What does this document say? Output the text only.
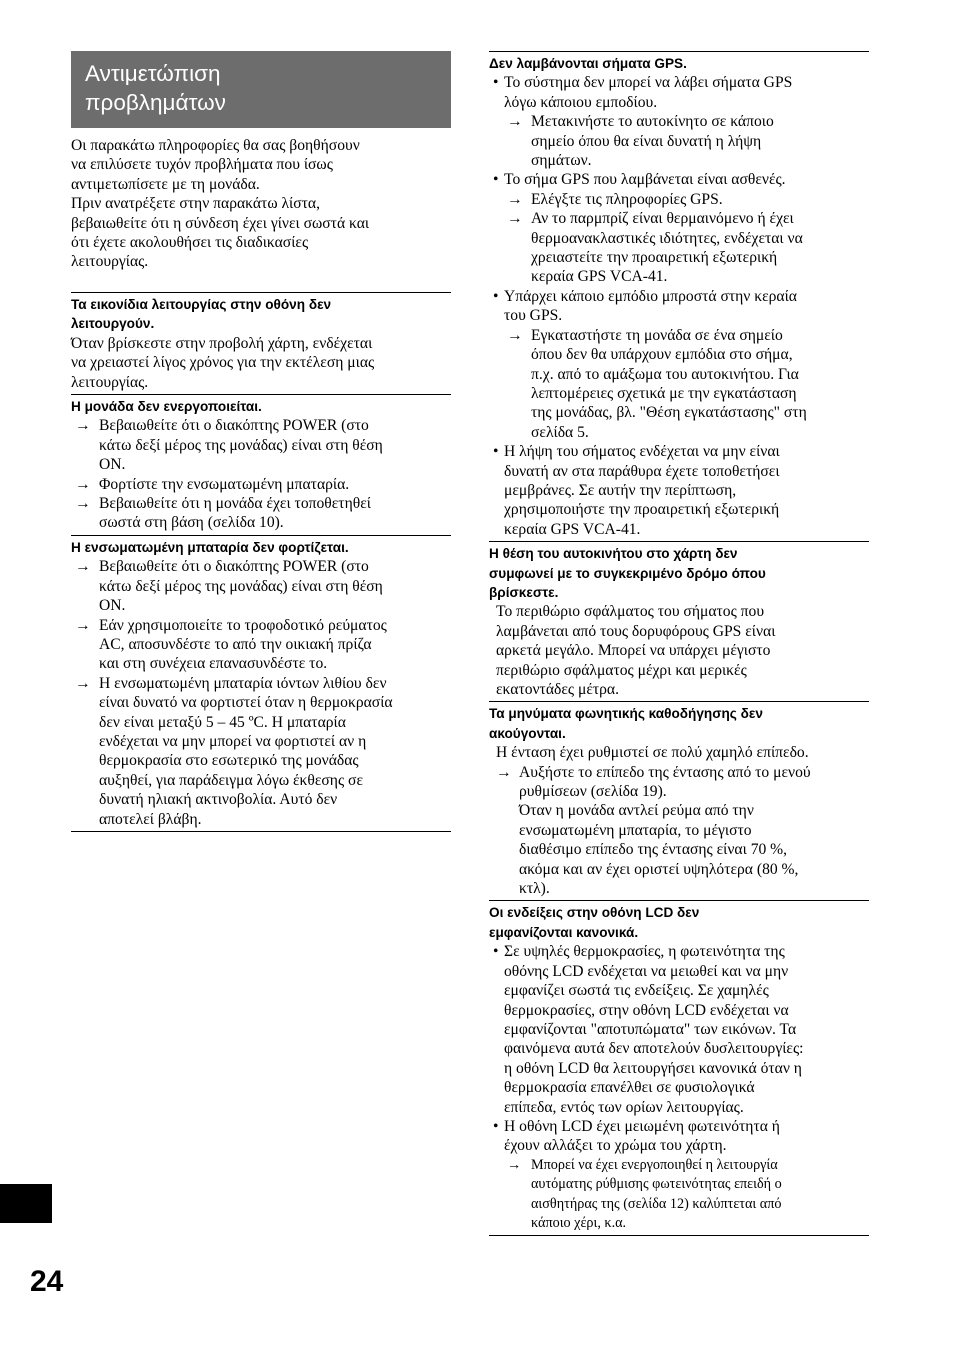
Αντιμετώπιση
προβλημάτων

Οι παρακάτω πληροφορίες θα σας βοηθήσουν

να επιλύσετε τυχόν προβλήματα που ίσως

αντιμετωπίσετε με τη μονάδα.

Πριν ανατρέξετε στην παρακάτω λίστα,

βεβαιωθείτε ότι η σύνδεση έχει γίνει σωστά και

ότι έχετε ακολουθήσει τις διαδικασίες

λειτουργίας.

Τα εικονίδια λειτουργίας στην οθόνη δεν
λειτουργούν.

Όταν βρίσκεστε στην προβολή χάρτη, ενδέχεται

να χρειαστεί λίγος χρόνος για την εκτέλεση μιας

λειτουργίας.

Η μονάδα δεν ενεργοποιείται.
→ Βεβαιωθείτε ότι ο διακόπτης POWER (στο
κάτω δεξί μέρος της μονάδας) είναι στη θέση
ON.
→ Φορτίστε την ενσωματωμένη μπαταρία.
→ Βεβαιωθείτε ότι η μονάδα έχει τοποθετηθεί
σωστά στη βάση (σελίδα 10).
Η ενσωματωμένη μπαταρία δεν φορτίζεται.
→ Βεβαιωθείτε ότι ο διακόπτης POWER (στο
κάτω δεξί μέρος της μονάδας) είναι στη θέση
ON.
→ Εάν χρησιμοποιείτε το τροφοδοτικό ρεύματος
AC, αποσυνδέστε το από την οικιακή πρίζα
και στη συνέχεια επανασυνδέστε το.
→ Η ενσωματωμένη μπαταρία ιόντων λιθίου δεν
είναι δυνατό να φορτιστεί όταν η θερμοκρασία
δεν είναι μεταξύ 5 – 45 ºC. Η μπαταρία
ενδέχεται να μην μπορεί να φορτιστεί αν η
θερμοκρασία στο εσωτερικό της μονάδας
αυξηθεί, για παράδειγμα λόγω έκθεσης σε
δυνατή ηλιακή ακτινοβολία. Αυτό δεν
αποτελεί βλάβη.
Δεν λαμβάνονται σήματα GPS.
• Το σύστημα δεν μπορεί να λάβει σήματα GPS
λόγω κάποιου εμποδίου.
→ Μετακινήστε το αυτοκίνητο σε κάποιο
σημείο όπου θα είναι δυνατή η λήψη
σημάτων.
• Το σήμα GPS που λαμβάνεται είναι ασθενές.
→ Ελέγξτε τις πληροφορίες GPS.
→ Αν το παρμπρίζ είναι θερμαινόμενο ή έχει
θερμοανακλαστικές ιδιότητες, ενδέχεται να
χρειαστείτε την προαιρετική εξωτερική
κεραία GPS VCA-41.
• Υπάρχει κάποιο εμπόδιο μπροστά στην κεραία
του GPS.
→ Εγκαταστήστε τη μονάδα σε ένα σημείο
όπου δεν θα υπάρχουν εμπόδια στο σήμα,
π.χ. από το αμάξωμα του αυτοκινήτου. Για
λεπτομέρειες σχετικά με την εγκατάσταση
της μονάδας, βλ. "Θέση εγκατάστασης" στη
σελίδα 5.
• Η λήψη του σήματος ενδέχεται να μην είναι
δυνατή αν στα παράθυρα έχετε τοποθετήσει
μεμβράνες. Σε αυτήν την περίπτωση,
χρησιμοποιήστε την προαιρετική εξωτερική
κεραία GPS VCA-41.
Η θέση του αυτοκινήτου στο χάρτη δεν
συμφωνεί με το συγκεκριμένο δρόμο όπου
βρίσκεστε.

Το περιθώριο σφάλματος του σήματος που

λαμβάνεται από τους δορυφόρους GPS είναι

αρκετά μεγάλο. Μπορεί να υπάρχει μέγιστο

περιθώριο σφάλματος μέχρι και μερικές

εκατοντάδες μέτρα.

Τα μηνύματα φωνητικής καθοδήγησης δεν
ακούγονται.

Η ένταση έχει ρυθμιστεί σε πολύ χαμηλό επίπεδο.

→ Αυξήστε το επίπεδο της έντασης από το μενού
ρυθμίσεων (σελίδα 19).
Όταν η μονάδα αντλεί ρεύμα από την
ενσωματωμένη μπαταρία, το μέγιστο
διαθέσιμο επίπεδο της έντασης είναι 70 %,
ακόμα και αν έχει οριστεί υψηλότερα (80 %,
κτλ).
Οι ενδείξεις στην οθόνη LCD δεν
εμφανίζονται κανονικά.
• Σε υψηλές θερμοκρασίες, η φωτεινότητα της
οθόνης LCD ενδέχεται να μειωθεί και να μην
εμφανίζει σωστά τις ενδείξεις. Σε χαμηλές
θερμοκρασίες, στην οθόνη LCD ενδέχεται να
εμφανίζονται "αποτυπώματα" των εικόνων. Τα
φαινόμενα αυτά δεν αποτελούν δυσλειτουργίες:
η οθόνη LCD θα λειτουργήσει κανονικά όταν η
θερμοκρασία επανέλθει σε φυσιολογικά
επίπεδα, εντός των ορίων λειτουργίας.
• Η οθόνη LCD έχει μειωμένη φωτεινότητα ή
έχουν αλλάξει το χρώμα του χάρτη.
→ Μπορεί να έχει ενεργοποιηθεί η λειτουργία
αυτόματης ρύθμισης φωτεινότητας επειδή ο
αισθητήρας της (σελίδα 12) καλύπτεται από
κάποιο χέρι, κ.α.
24
